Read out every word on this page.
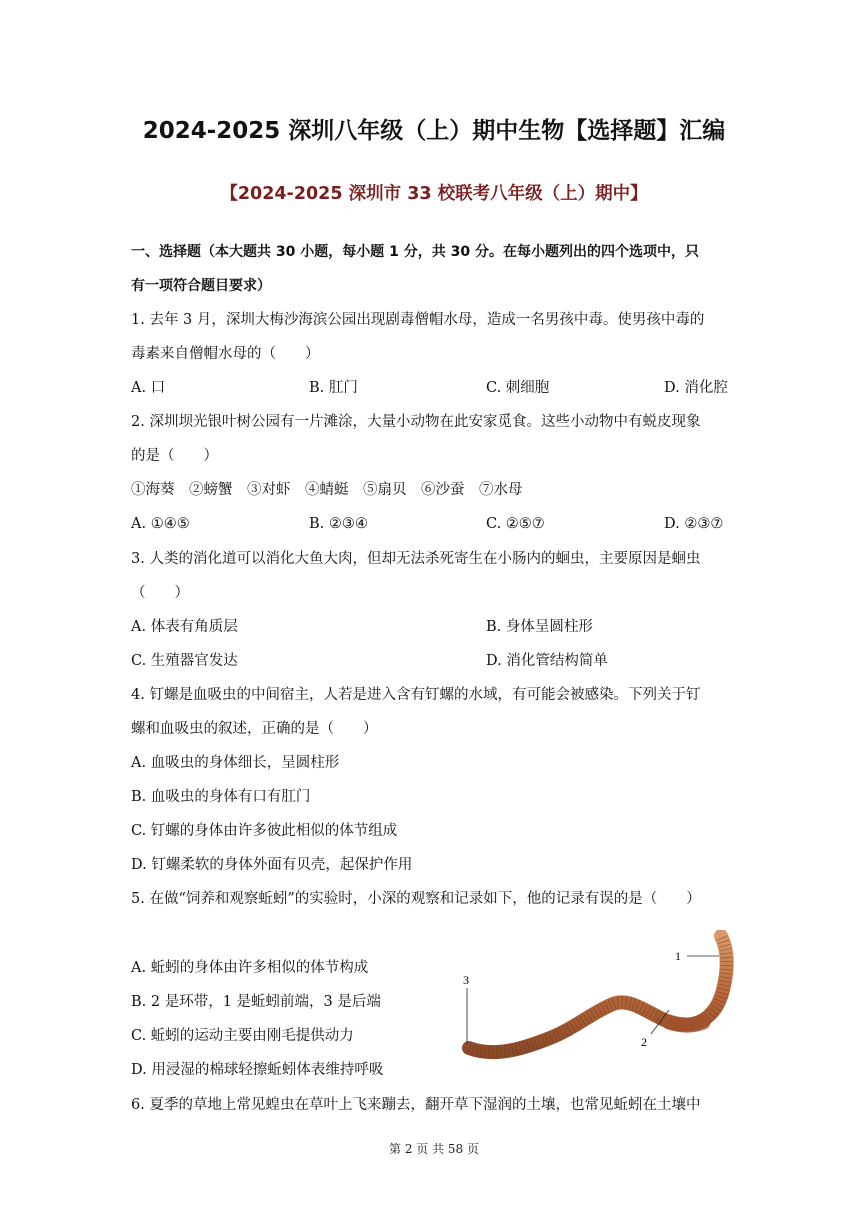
2024-2025 深圳八年级（上）期中生物【选择题】汇编
【2024-2025 深圳市 33 校联考八年级（上）期中】
一、选择题（本大题共 30 小题，每小题 1 分，共 30 分。在每小题列出的四个选项中，只
有一项符合题目要求）
1. 去年 3 月，深圳大梅沙海滨公园出现剧毒僧帽水母，造成一名男孩中毒。使男孩中毒的
毒素来自僧帽水母的（　　）
A. 口	B. 肛门	C. 刺细胞	D. 消化腔
2. 深圳坝光银叶树公园有一片滩涂，大量小动物在此安家觅食。这些小动物中有蜕皮现象
的是（　　）
①海葵　②螃蟹　③对虾　④蜻蜓　⑤扇贝　⑥沙蚕　⑦水母
A. ①④⑤	B. ②③④	C. ②⑤⑦	D. ②③⑦
3. 人类的消化道可以消化大鱼大肉，但却无法杀死寄生在小肠内的蛔虫，主要原因是蛔虫
（　　）
A. 体表有角质层	B. 身体呈圆柱形
C. 生殖器官发达	D. 消化管结构简单
4. 钉螺是血吸虫的中间宿主，人若是进入含有钉螺的水域，有可能会被感染。下列关于钉
螺和血吸虫的叙述，正确的是（　　）
A. 血吸虫的身体细长，呈圆柱形
B. 血吸虫的身体有口有肛门
C. 钉螺的身体由许多彼此相似的体节组成
D. 钉螺柔软的身体外面有贝壳，起保护作用
5. 在做“饲养和观察蚯蚓”的实验时，小深的观察和记录如下，他的记录有误的是（　　）
A. 蚯蚓的身体由许多相似的体节构成
B. 2 是环带，1 是蚯蚓前端，3 是后端
C. 蚯蚓的运动主要由刚毛提供动力
D. 用浸湿的棉球轻擦蚯蚓体表维持呼吸
1
3
2
6. 夏季的草地上常见蝗虫在草叶上飞来蹦去，翻开草下湿润的土壤，也常见蚯蚓在土壤中
第 2 页 共 58 页
